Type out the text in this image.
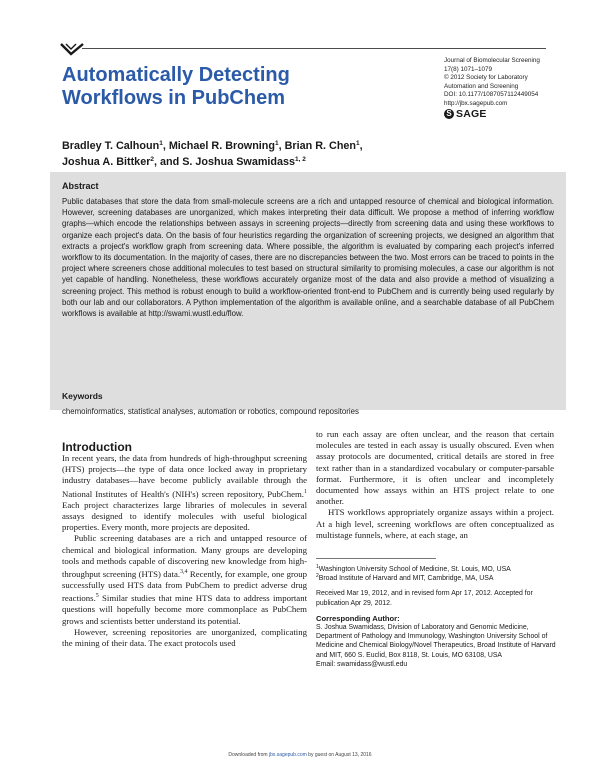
Automatically Detecting Workflows in PubChem
Journal of Biomolecular Screening
17(8) 1071–1079
© 2012 Society for Laboratory
Automation and Screening
DOI: 10.1177/1087057112449054
http://jbx.sagepub.com
S SAGE
Bradley T. Calhoun$^1$, Michael R. Browning$^1$, Brian R. Chen$^1$,
Joshua A. Bittker$^2$, and S. Joshua Swamidass$^{1, 2}$
Abstract

Public databases that store the data from small-molecule screens are a rich and untapped resource of chemical and biological information. However, screening databases are unorganized, which makes interpreting their data difficult. We propose a method of inferring workflow graphs—which encode the relationships between assays in screening projects—directly from screening data and using these workflows to organize each project's data. On the basis of four heuristics regarding the organization of screening projects, we designed an algorithm that extracts a project's workflow graph from screening data. Where possible, the algorithm is evaluated by comparing each project's inferred workflow to its documentation. In the majority of cases, there are no discrepancies between the two. Most errors can be traced to points in the project where screeners chose additional molecules to test based on structural similarity to promising molecules, a case our algorithm is not yet capable of handling. Nonetheless, these workflows accurately organize most of the data and also provide a method of visualizing a screening project. This method is robust enough to build a workflow-oriented front-end to PubChem and is currently being used regularly by both our lab and our collaborators. A Python implementation of the algorithm is available online, and a searchable database of all PubChem workflows is available at http://swami.wustl.edu/flow.

Keywords
chemoinformatics, statistical analyses, automation or robotics, compound repositories
Introduction

In recent years, the data from hundreds of high-throughput screening (HTS) projects—the type of data once locked away in proprietary industry databases—have become publicly available through the National Institutes of Health's (NIH's) screen repository, PubChem.$^1$ Each project characterizes large libraries of molecules in several assays designed to identify molecules with useful biological properties. Every month, more projects are deposited.

Public screening databases are a rich and untapped resource of chemical and biological information. Many groups are developing tools and methods capable of discovering new knowledge from high-throughput screening (HTS) data.$^{3,4}$ Recently, for example, one group successfully used HTS data from PubChem to predict adverse drug reactions.$^5$ Similar studies that mine HTS data to address important questions will hopefully become more commonplace as PubChem grows and scientists better understand its potential.

However, screening repositories are unorganized, complicating the mining of their data. The exact protocols used

to run each assay are often unclear, and the reason that certain molecules are tested in each assay is usually obscured. Even when assay protocols are documented, critical details are stored in free text rather than in a standardized vocabulary or computer-parsable format. Furthermore, it is often unclear and incompletely documented how assays within an HTS project relate to one another.

HTS workflows appropriately organize assays within a project. At a high level, screening workflows are often conceptualized as multistage funnels, where, at each stage, an

$^1$Washington University School of Medicine, St. Louis, MO, USA
$^2$Broad Institute of Harvard and MIT, Cambridge, MA, USA
Received Mar 19, 2012, and in revised form Apr 17, 2012. Accepted for publication Apr 29, 2012.
Corresponding Author:
S. Joshua Swamidass, Division of Laboratory and Genomic Medicine, Department of Pathology and Immunology, Washington University School of Medicine and Chemical Biology/Novel Therapeutics, Broad Institute of Harvard and MIT, 660 S. Euclid, Box 8118, St. Louis, MO 63108, USA
Email: swamidass@wustl.edu
Downloaded from jbx.sagepub.com by guest on August 13, 2016
